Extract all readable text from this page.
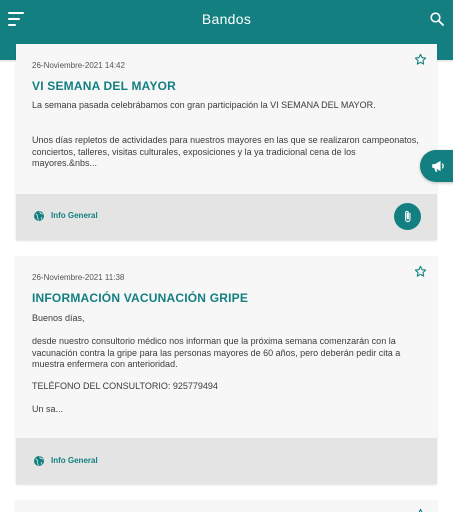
Bandos
26-Noviembre-2021 14:42
VI SEMANA DEL MAYOR
La semana pasada celebrábamos con gran participación la VI SEMANA DEL MAYOR.
Unos días repletos de actividades para nuestros mayores en las que se realizaron campeonatos, conciertos, talleres, visitas culturales, exposiciones y la ya tradicional cena de los mayores.&nbs...
Info General
26-Noviembre-2021 11:38
INFORMACIÓN VACUNACIÓN GRIPE
Buenos días,
desde nuestro consultorio médico nos informan que la próxima semana comenzarán con la vacunación contra la gripe para las personas mayores de 60 años, pero deberán pedir cita a muestra enfermera con anterioridad.
TELÉFONO DEL CONSULTORIO: 925779494
Un sa...
Info General
